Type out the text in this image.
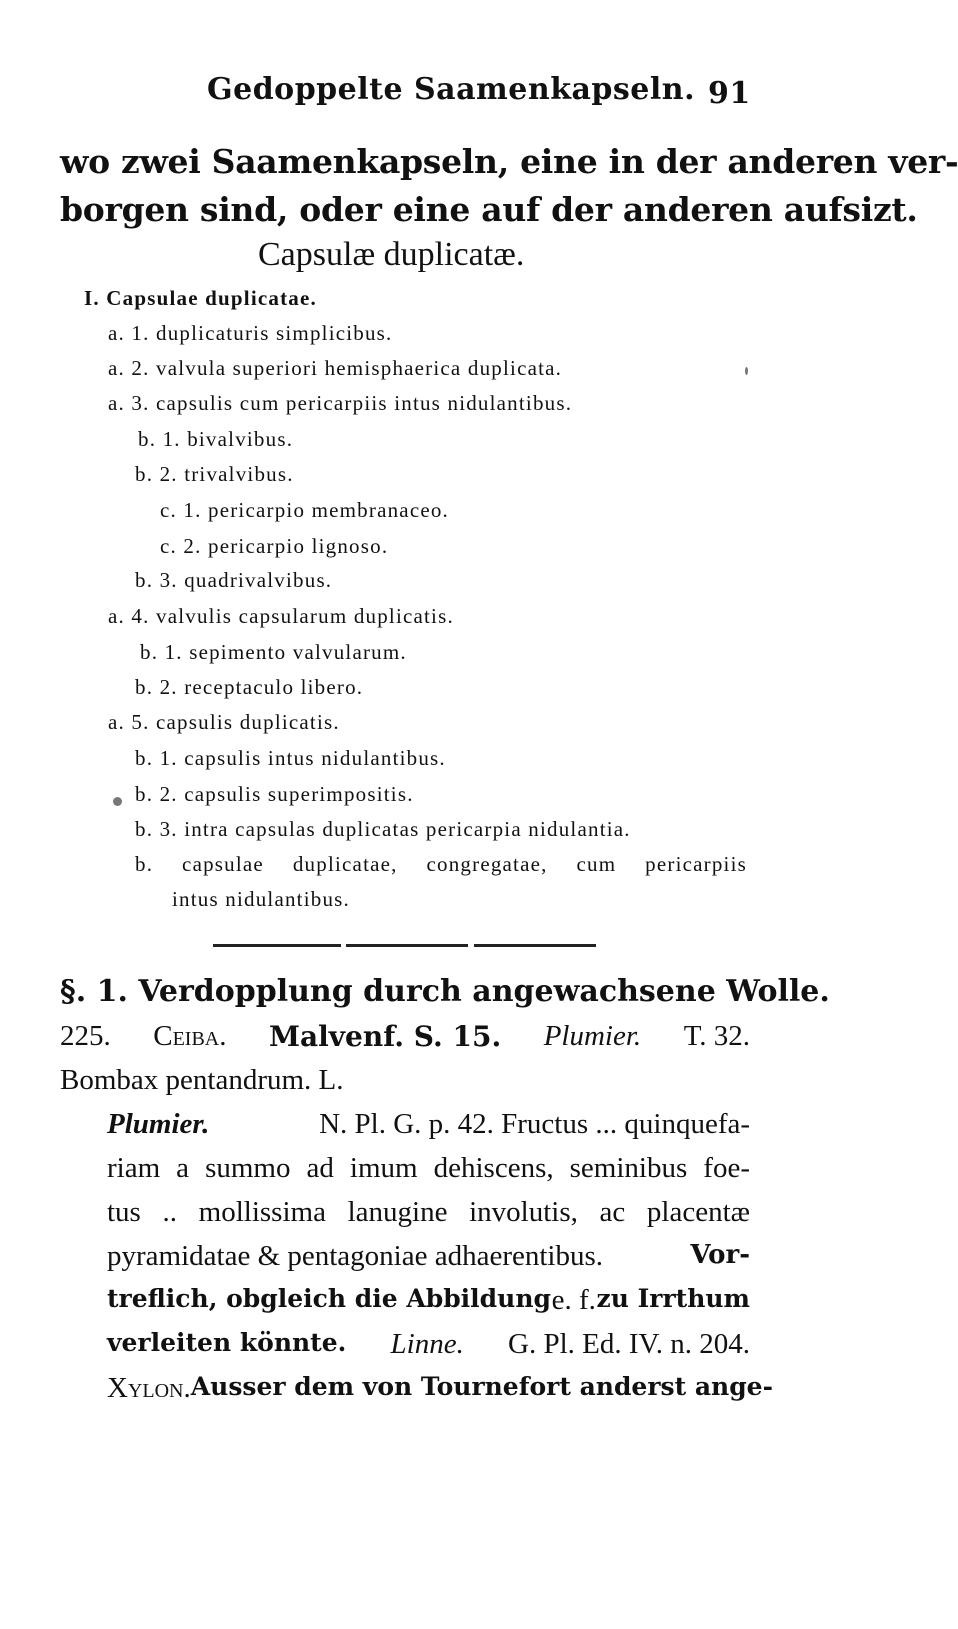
Gedoppelte Saamenkapseln. 91
wo zwei Saamenkapseln, eine in der anderen ver-
borgen sind, oder eine auf der anderen aufsizt.
Capsulæ duplicatæ.
I. Capsulae duplicatae.
a. 1. duplicaturis simplicibus.
a. 2. valvula superiori hemisphaerica duplicata.
a. 3. capsulis cum pericarpiis intus nidulantibus.
b. 1. bivalvibus.
b. 2. trivalvibus.
c. 1. pericarpio membranaceo.
c. 2. pericarpio lignoso.
b. 3. quadrivalvibus.
a. 4. valvulis capsularum duplicatis.
b. 1. sepimento valvularum.
b. 2. receptaculo libero.
a. 5. capsulis duplicatis.
b. 1. capsulis intus nidulantibus.
b. 2. capsulis superimpositis.
b. 3. intra capsulas duplicatas pericarpia nidulantia.
b. capsulae duplicatae, congregatae, cum pericarpiis
intus nidulantibus.
§. 1. Verdopplung durch angewachsene Wolle.
225. Ceiba. Malvenf. S. 15. Plumier. T. 32.
Bombax pentandrum. L.
Plumier.	N. Pl. G. p. 42. Fructus ... quinquefa-
riam a summo ad imum dehiscens, seminibus foe-
tus .. mollissima lanugine involutis, ac placentæ
pyramidatae & pentagoniae adhaerentibus.	Vor-
treflich, obgleich die Abbildung e. f. zu Irrthum
verleiten könnte. Linne. G. Pl. Ed. IV. n. 204.
Xylon. Ausser dem von Tournefort anderst ange-
